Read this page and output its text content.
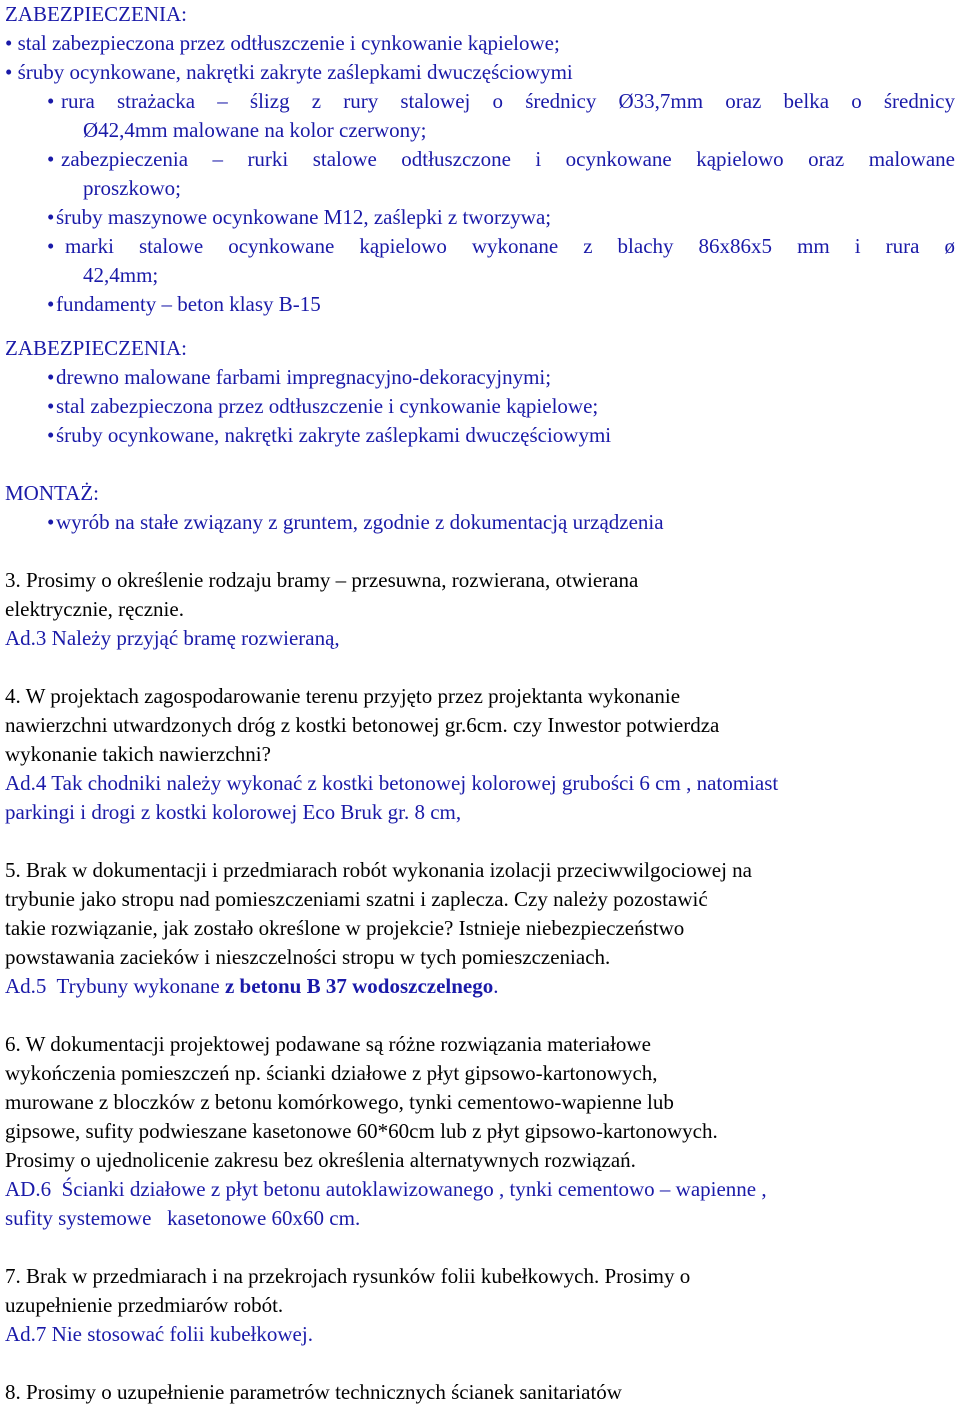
ZABEZPIECZENIA:

• stal zabezpieczona przez odtłuszczenie i cynkowanie kąpielowe;
• śruby ocynkowane, nakrętki zakryte zaślepkami dwuczęściowymi
• rura strażacka – ślizg z rury stalowej o średnicy Ø33,7mm oraz belka o średnicy
Ø42,4mm malowane na kolor czerwony;
• zabezpieczenia – rurki stalowe odtłuszczone i ocynkowane kąpielowo oraz malowane
proszkowo;
• śruby maszynowe ocynkowane M12, zaślepki z tworzywa;
• marki stalowe ocynkowane kąpielowo wykonane z blachy 86x86x5 mm i rura ø
42,4mm;
• fundamenty – beton klasy B-15

ZABEZPIECZENIA:

• drewno malowane farbami impregnacyjno-dekoracyjnymi;
• stal zabezpieczona przez odtłuszczenie i cynkowanie kąpielowe;
• śruby ocynkowane, nakrętki zakryte zaślepkami dwuczęściowymi

MONTAŻ:

• wyrób na stałe związany z gruntem, zgodnie z dokumentacją urządzenia

3. Prosimy o określenie rodzaju bramy – przesuwna, rozwierana, otwierana

elektrycznie, ręcznie.

Ad.3 Należy przyjąć bramę rozwieraną,

4. W projektach zagospodarowanie terenu przyjęto przez projektanta wykonanie

nawierzchni utwardzonych dróg z kostki betonowej gr.6cm. czy Inwestor potwierdza

wykonanie takich nawierzchni?

Ad.4 Tak chodniki należy wykonać z kostki betonowej kolorowej grubości 6 cm , natomiast

parkingi i drogi z kostki kolorowej Eco Bruk gr. 8 cm,

5. Brak w dokumentacji i przedmiarach robót wykonania izolacji przeciwwilgociowej na

trybunie jako stropu nad pomieszczeniami szatni i zaplecza. Czy należy pozostawić

takie rozwiązanie, jak zostało określone w projekcie? Istnieje niebezpieczeństwo

powstawania zacieków i nieszczelności stropu w tych pomieszczeniach.

Ad.5  Trybuny wykonane z betonu B 37 wodoszczelnego.

6. W dokumentacji projektowej podawane są różne rozwiązania materiałowe

wykończenia pomieszczeń np. ścianki działowe z płyt gipsowo-kartonowych,

murowane z bloczków z betonu komórkowego, tynki cementowo-wapienne lub

gipsowe, sufity podwieszane kasetonowe 60*60cm lub z płyt gipsowo-kartonowych.

Prosimy o ujednolicenie zakresu bez określenia alternatywnych rozwiązań.

AD.6  Ścianki działowe z płyt betonu autoklawizowanego , tynki cementowo – wapienne ,

sufity systemowe   kasetonowe 60x60 cm.

7. Brak w przedmiarach i na przekrojach rysunków folii kubełkowych. Prosimy o

uzupełnienie przedmiarów robót.

Ad.7 Nie stosować folii kubełkowej.

8. Prosimy o uzupełnienie parametrów technicznych ścianek sanitariatów
